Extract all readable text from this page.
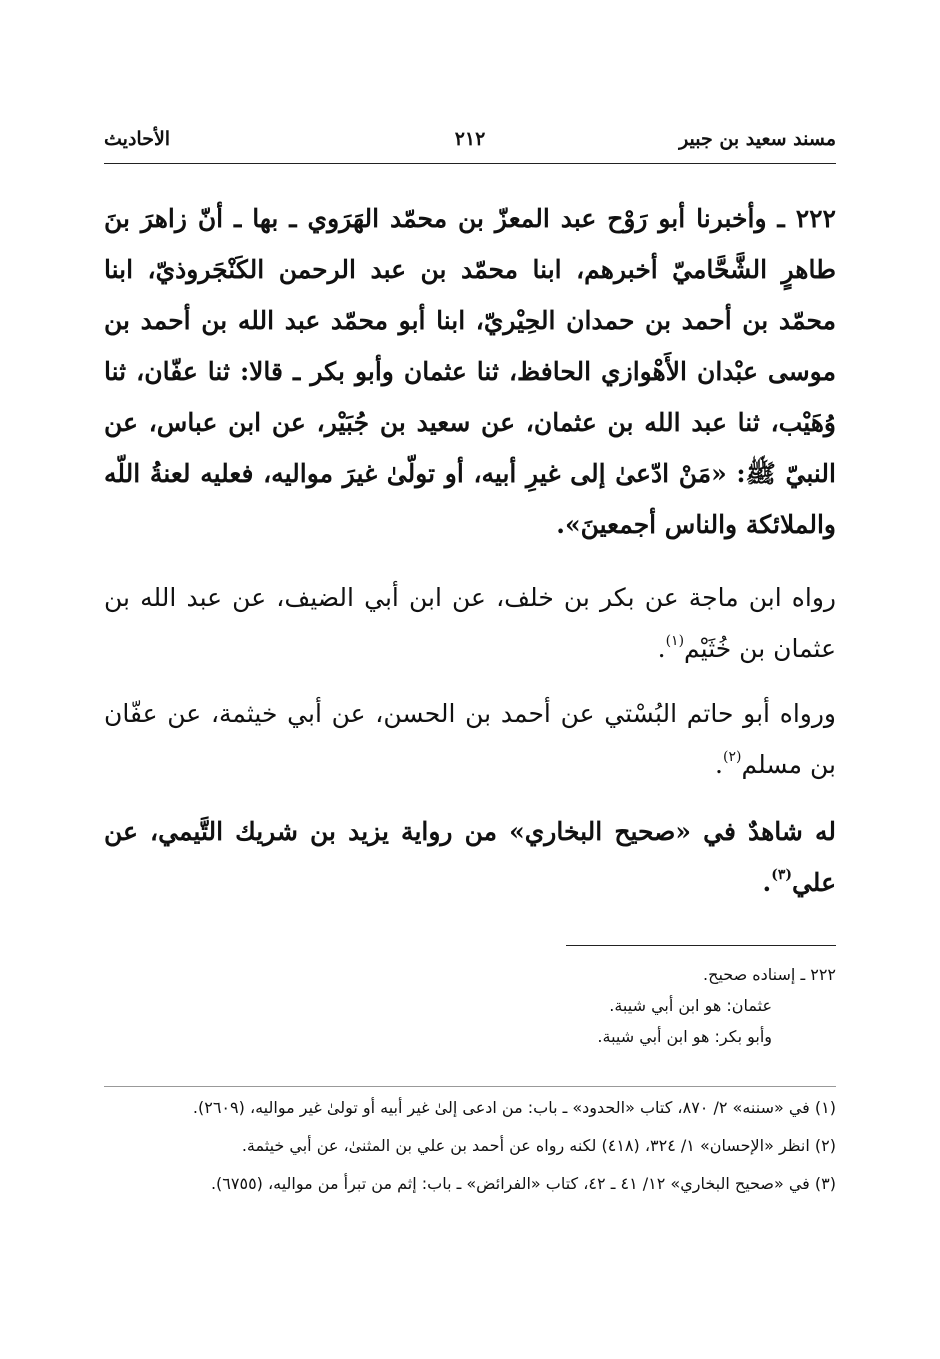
مسند سعيد بن جبير
٢١٢
الأحاديث
٢٢٢ ـ وأخبرنا أبو رَوْح عبد المعزّ بن محمّد الهَرَوي ـ بها ـ أنّ زاهرَ بنَ طاهرٍ الشَّحَّاميّ أخبرهم، ابنا محمّد بن عبد الرحمن الكَنْجَروذيّ، ابنا محمّد بن أحمد بن حمدان الحِيْريّ، ابنا أبو محمّد عبد الله بن أحمد بن موسى عبْدان الأَهْوازي الحافظ، ثنا عثمان وأبو بكر ـ قالا: ثنا عفّان، ثنا وُهَيْب، ثنا عبد الله بن عثمان، عن سعيد بن جُبَيْر، عن ابن عباس، عن النبيّ ﷺ: «مَنْ ادّعىٰ إلى غيرِ أبيه، أو تولّىٰ غيرَ مواليه، فعليه لعنةُ اللّه والملائكة والناس أجمعينَ».
رواه ابن ماجة عن بكر بن خلف، عن ابن أبي الضيف، عن عبد الله بن عثمان بن خُثَيْم$^{(١)}$.
ورواه أبو حاتم البُسْتي عن أحمد بن الحسن، عن أبي خيثمة، عن عفّان بن مسلم$^{(٢)}$.
له شاهدٌ في «صحيح البخاري» من رواية يزيد بن شريك التَّيمي، عن علي$^{(٣)}$.
٢٢٢ ـ إسناده صحيح.
عثمان: هو ابن أبي شيبة.
وأبو بكر: هو ابن أبي شيبة.
(١) في «سننه» ٢/ ٨٧٠، كتاب «الحدود» ـ باب: من ادعى إلىٰ غير أبيه أو تولىٰ غير مواليه، (٢٦٠٩).
(٢) انظر «الإحسان» ١/ ٣٢٤، (٤١٨) لكنه رواه عن أحمد بن علي بن المثنىٰ، عن أبي خيثمة.
(٣) في «صحيح البخاري» ١٢/ ٤١ ـ ٤٢، كتاب «الفرائض» ـ باب: إثم من تبرأ من مواليه، (٦٧٥٥).
